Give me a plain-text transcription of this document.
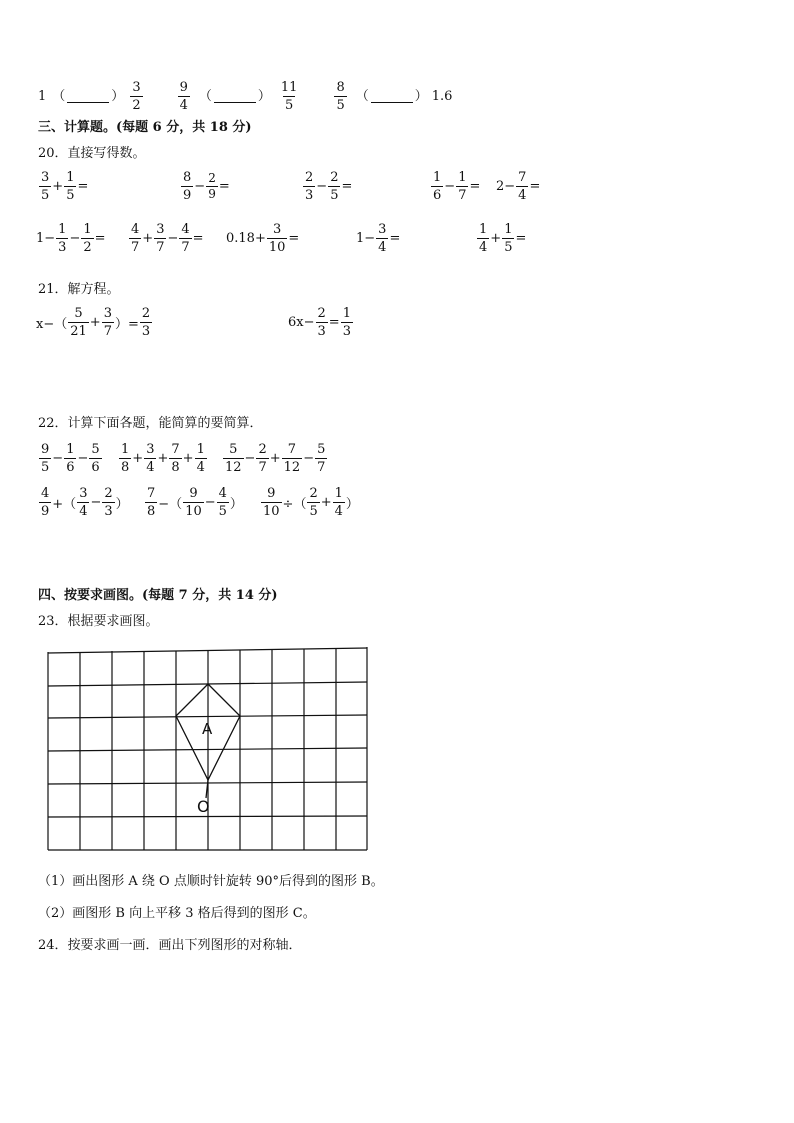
1 （	） $\frac{3}{2}$	$\frac{9}{4}$ （	） $\frac{11}{5}$	$\frac{8}{5}$ （	） 1.6
三、计算题。(每题 6 分，共 18 分)
20．直接写得数。
$\frac{3}{5} + \frac{1}{5}$ =	$\frac{8}{9} - \frac{2}{9}$ =	$\frac{2}{3} - \frac{2}{5}$ =	$\frac{1}{6} - \frac{1}{7} = 2- \frac{7}{4}$ =
$1- \frac{1}{3} - \frac{1}{2} = \frac{4}{7} + \frac{3}{7} - \frac{4}{7} = 0.18+ \frac{3}{10}$ =	$1- \frac{3}{4}$ =	$\frac{1}{4} + \frac{1}{5}$ =
21．解方程。
$x-( \frac{5}{21} + \frac{3}{7}$ ）= $\frac{2}{3}$	$6x- \frac{2}{3} = \frac{1}{3}$
22．计算下面各题，能简算的要简算．
$\frac{9}{5} - \frac{1}{6} - \frac{5}{6} \frac{1}{8} + \frac{3}{4} + \frac{7}{8} + \frac{1}{4} \frac{5}{12} - \frac{2}{7} + \frac{7}{12} - \frac{5}{7}$
$\frac{4}{9}$ +（ $\frac{3}{4} - \frac{2}{3}$ ） $\frac{7}{8}$ −（ $\frac{9}{10} - \frac{4}{5}$ ） $\frac{9}{10}$ ÷（ $\frac{2}{5} + \frac{1}{4}$ ）
四、按要求画图。(每题 7 分，共 14 分)
23．根据要求画图。
A
O
（1）画出图形 A 绕 O 点顺时针旋转 90°后得到的图形 B。
（2）画图形 B 向上平移 3 格后得到的图形 C。
24．按要求画一画．画出下列图形的对称轴．
